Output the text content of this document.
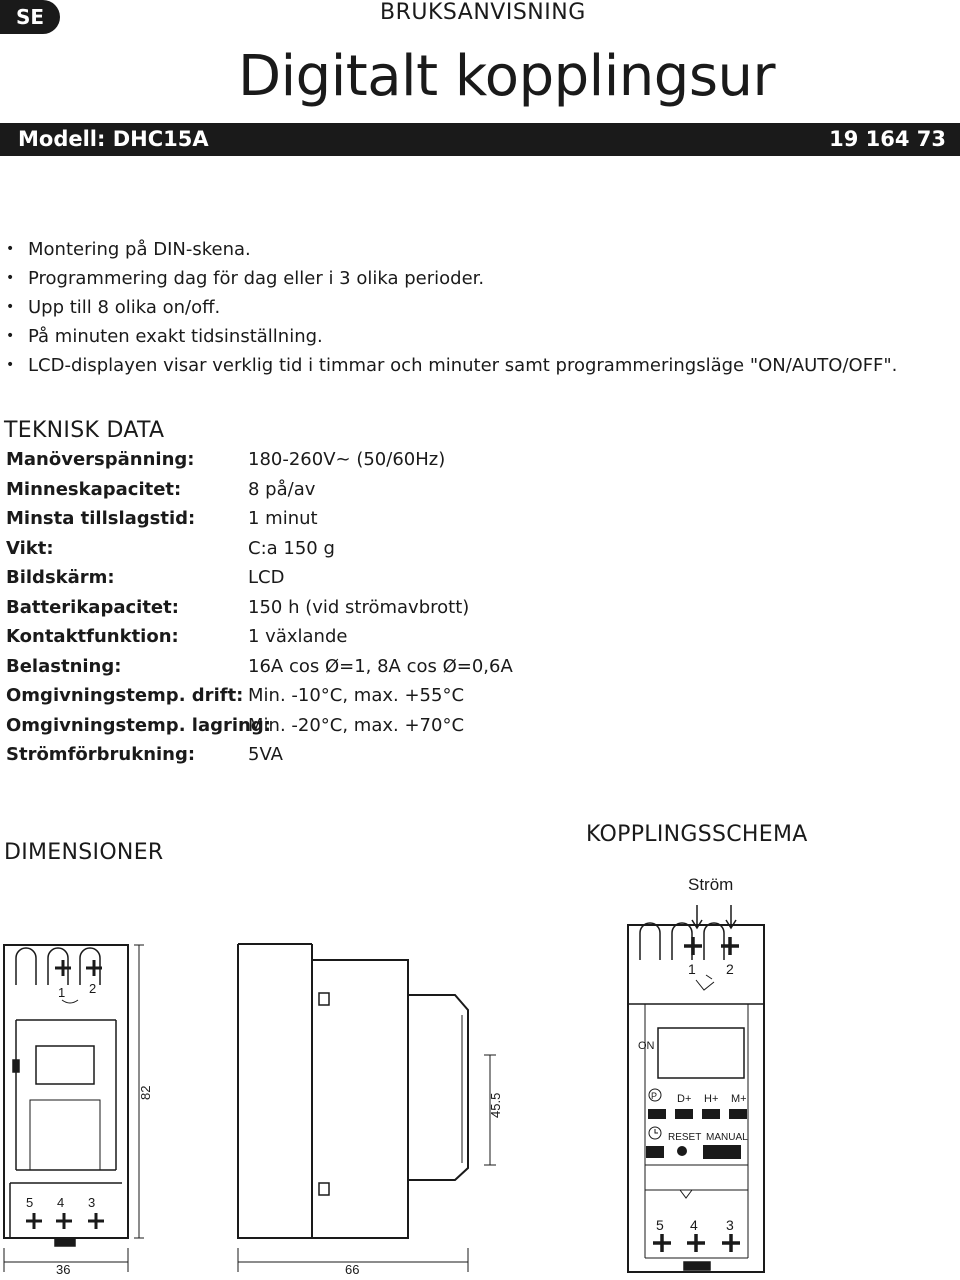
SE	BRUKSANVISNING
Digitalt kopplingsur
Modell: DHC15A	19 164 73
• Montering på DIN-skena.
• Programmering dag för dag eller i 3 olika perioder.
• Upp till 8 olika on/off.
• På minuten exakt tidsinställning.
• LCD-displayen visar verklig tid i timmar och minuter samt programmeringsläge "ON/AUTO/OFF".
TEKNISK DATA
Manöverspänning:	180-260V~ (50/60Hz)
Minneskapacitet:	8 på/av
Minsta tillslagstid:	1 minut
Vikt:	C:a 150 g
Bildskärm:	LCD
Batterikapacitet:	150 h (vid strömavbrott)
Kontaktfunktion:	1 växlande
Belastning:	16A cos Ø=1, 8A cos Ø=0,6A
Omgivningstemp. drift: Min. -10°C, max. +55°C
Omgivningstemp. lagring:
Min. -20°C, max. +70°C
Strömförbrukning:	5VA
DIMENSIONER
KOPPLINGSSCHEMA
1 2
5 4 3
82
36
45.5
66
Ström
1 2
ON
P D+ H+ M+
RESET MANUAL
5 4 3
